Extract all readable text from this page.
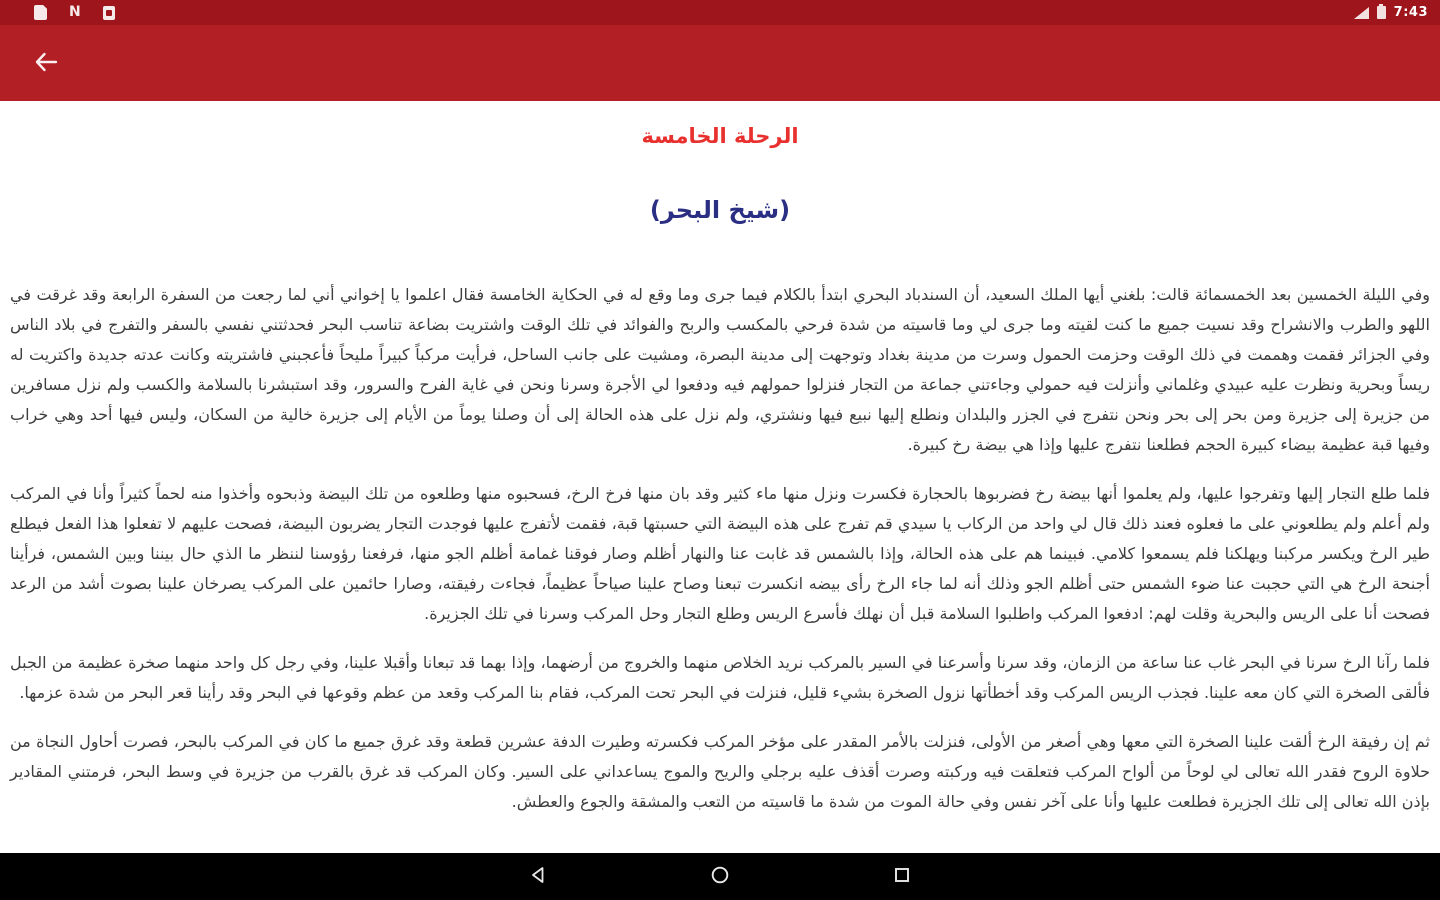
N	7:43
الرحلة الخامسة
(شيخ البحر)

وفي الليلة الخمسين بعد الخمسمائة قالت: بلغني أيها الملك السعيد، أن السندباد البحري ابتدأ بالكلام فيما جرى وما وقع له في الحكاية الخامسة فقال اعلموا يا إخواني أني لما رجعت من السفرة الرابعة وقد غرقت في اللهو والطرب والانشراح وقد نسيت جميع ما كنت لقيته وما جرى لي وما قاسيته من شدة فرحي بالمكسب والربح والفوائد في تلك الوقت واشتريت بضاعة تناسب البحر فحدثتني نفسي بالسفر والتفرج في بلاد الناس وفي الجزائر فقمت وهممت في ذلك الوقت وحزمت الحمول وسرت من مدينة بغداد وتوجهت إلى مدينة البصرة، ومشيت على جانب الساحل، فرأيت مركباً كبيراً مليحاً فأعجبني فاشتريته وكانت عدته جديدة واكتريت له ريساً وبحرية ونظرت عليه عبيدي وغلماني وأنزلت فيه حمولي وجاءتني جماعة من التجار فنزلوا حمولهم فيه ودفعوا لي الأجرة وسرنا ونحن في غاية الفرح والسرور، وقد استبشرنا بالسلامة والكسب ولم نزل مسافرين من جزيرة إلى جزيرة ومن بحر إلى بحر ونحن نتفرج في الجزر والبلدان ونطلع إليها نبيع فيها ونشتري، ولم نزل على هذه الحالة إلى أن وصلنا يوماً من الأيام إلى جزيرة خالية من السكان، وليس فيها أحد وهي خراب وفيها قبة عظيمة بيضاء كبيرة الحجم فطلعنا نتفرج عليها وإذا هي بيضة رخ كبيرة.

فلما طلع التجار إليها وتفرجوا عليها، ولم يعلموا أنها بيضة رخ فضربوها بالحجارة فكسرت ونزل منها ماء كثير وقد بان منها فرخ الرخ، فسحبوه منها وطلعوه من تلك البيضة وذبحوه وأخذوا منه لحماً كثيراً وأنا في المركب ولم أعلم ولم يطلعوني على ما فعلوه فعند ذلك قال لي واحد من الركاب يا سيدي قم تفرج على هذه البيضة التي حسبتها قبة، فقمت لأتفرج عليها فوجدت التجار يضربون البيضة، فصحت عليهم لا تفعلوا هذا الفعل فيطلع طير الرخ ويكسر مركبنا ويهلكنا فلم يسمعوا كلامي. فبينما هم على هذه الحالة، وإذا بالشمس قد غابت عنا والنهار أظلم وصار فوقنا غمامة أظلم الجو منها، فرفعنا رؤوسنا لننظر ما الذي حال بيننا وبين الشمس، فرأينا أجنحة الرخ هي التي حجبت عنا ضوء الشمس حتى أظلم الجو وذلك أنه لما جاء الرخ رأى بيضه انكسرت تبعنا وصاح علينا صياحاً عظيماً، فجاءت رفيقته، وصارا حائمين على المركب يصرخان علينا بصوت أشد من الرعد فصحت أنا على الريس والبحرية وقلت لهم: ادفعوا المركب واطلبوا السلامة قبل أن نهلك فأسرع الريس وطلع التجار وحل المركب وسرنا في تلك الجزيرة.

فلما رآنا الرخ سرنا في البحر غاب عنا ساعة من الزمان، وقد سرنا وأسرعنا في السير بالمركب نريد الخلاص منهما والخروج من أرضهما، وإذا بهما قد تبعانا وأقبلا علينا، وفي رجل كل واحد منهما صخرة عظيمة من الجبل فألقى الصخرة التي كان معه علينا. فجذب الريس المركب وقد أخطأتها نزول الصخرة بشيء قليل، فنزلت في البحر تحت المركب، فقام بنا المركب وقعد من عظم وقوعها في البحر وقد رأينا قعر البحر من شدة عزمها.

ثم إن رفيقة الرخ ألقت علينا الصخرة التي معها وهي أصغر من الأولى، فنزلت بالأمر المقدر على مؤخر المركب فكسرته وطيرت الدفة عشرين قطعة وقد غرق جميع ما كان في المركب بالبحر، فصرت أحاول النجاة من حلاوة الروح فقدر الله تعالى لي لوحاً من ألواح المركب فتعلقت فيه وركبته وصرت أقذف عليه برجلي والريح والموج يساعداني على السير. وكان المركب قد غرق بالقرب من جزيرة في وسط البحر، فرمتني المقادير بإذن الله تعالى إلى تلك الجزيرة فطلعت عليها وأنا على آخر نفس وفي حالة الموت من شدة ما قاسيته من التعب والمشقة والجوع والعطش.
